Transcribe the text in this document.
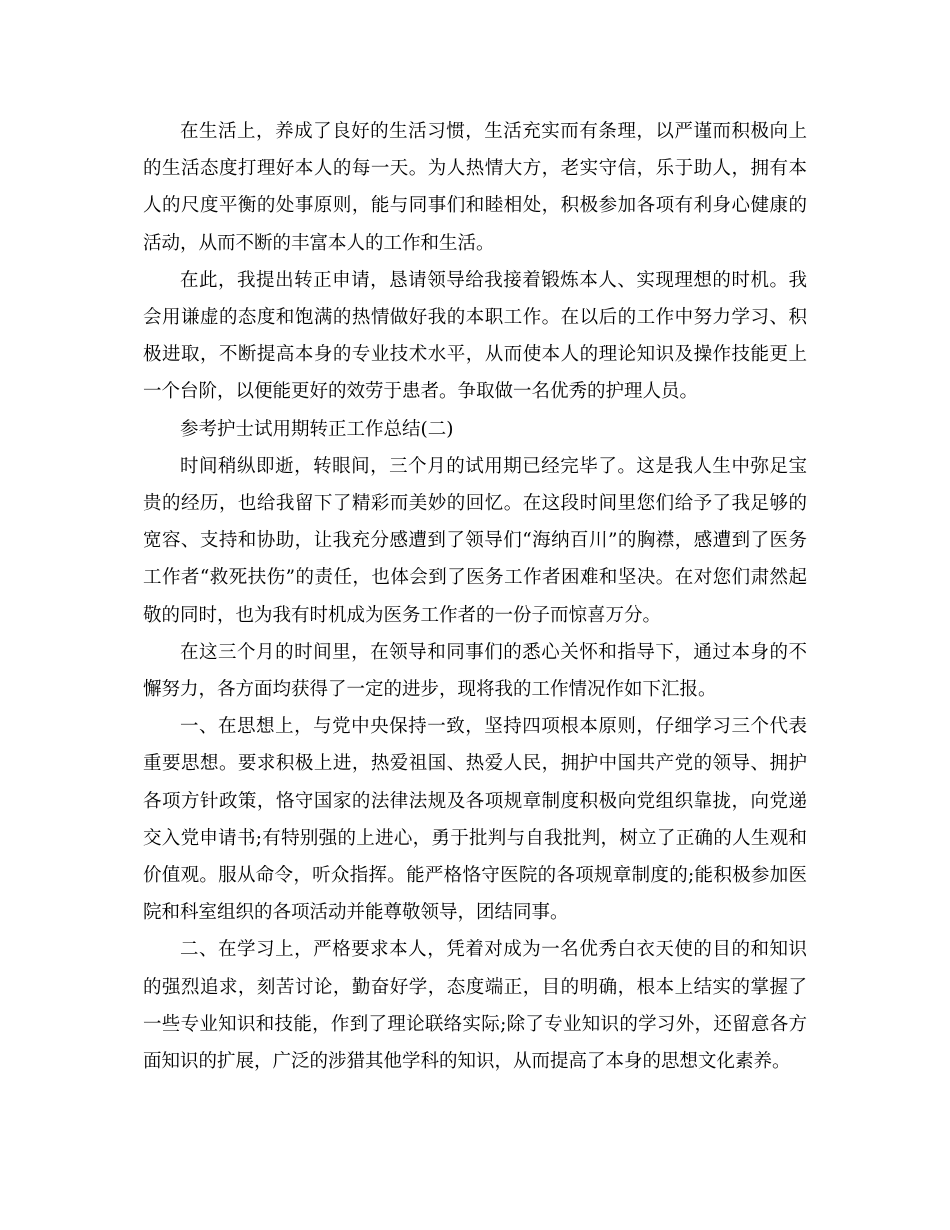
在生活上，养成了良好的生活习惯，生活充实而有条理，以严谨而积极向上的生活态度打理好本人的每一天。为人热情大方，老实守信，乐于助人，拥有本人的尺度平衡的处事原则，能与同事们和睦相处，积极参加各项有利身心健康的活动，从而不断的丰富本人的工作和生活。

在此，我提出转正申请，恳请领导给我接着锻炼本人、实现理想的时机。我会用谦虚的态度和饱满的热情做好我的本职工作。在以后的工作中努力学习、积极进取，不断提高本身的专业技术水平，从而使本人的理论知识及操作技能更上一个台阶，以便能更好的效劳于患者。争取做一名优秀的护理人员。

参考护士试用期转正工作总结(二)

时间稍纵即逝，转眼间，三个月的试用期已经完毕了。这是我人生中弥足宝贵的经历，也给我留下了精彩而美妙的回忆。在这段时间里您们给予了我足够的宽容、支持和协助，让我充分感遭到了领导们“海纳百川”的胸襟，感遭到了医务工作者“救死扶伤”的责任，也体会到了医务工作者困难和坚决。在对您们肃然起敬的同时，也为我有时机成为医务工作者的一份子而惊喜万分。

在这三个月的时间里，在领导和同事们的悉心关怀和指导下，通过本身的不懈努力，各方面均获得了一定的进步，现将我的工作情况作如下汇报。

一、在思想上，与党中央保持一致，坚持四项根本原则，仔细学习三个代表重要思想。要求积极上进，热爱祖国、热爱人民，拥护中国共产党的领导、拥护各项方针政策，恪守国家的法律法规及各项规章制度积极向党组织靠拢，向党递交入党申请书;有特别强的上进心，勇于批判与自我批判，树立了正确的人生观和价值观。服从命令，听众指挥。能严格恪守医院的各项规章制度的;能积极参加医院和科室组织的各项活动并能尊敬领导，团结同事。

二、在学习上，严格要求本人，凭着对成为一名优秀白衣天使的目的和知识的强烈追求，刻苦讨论，勤奋好学，态度端正，目的明确，根本上结实的掌握了一些专业知识和技能，作到了理论联络实际;除了专业知识的学习外，还留意各方面知识的扩展，广泛的涉猎其他学科的知识，从而提高了本身的思想文化素养。
